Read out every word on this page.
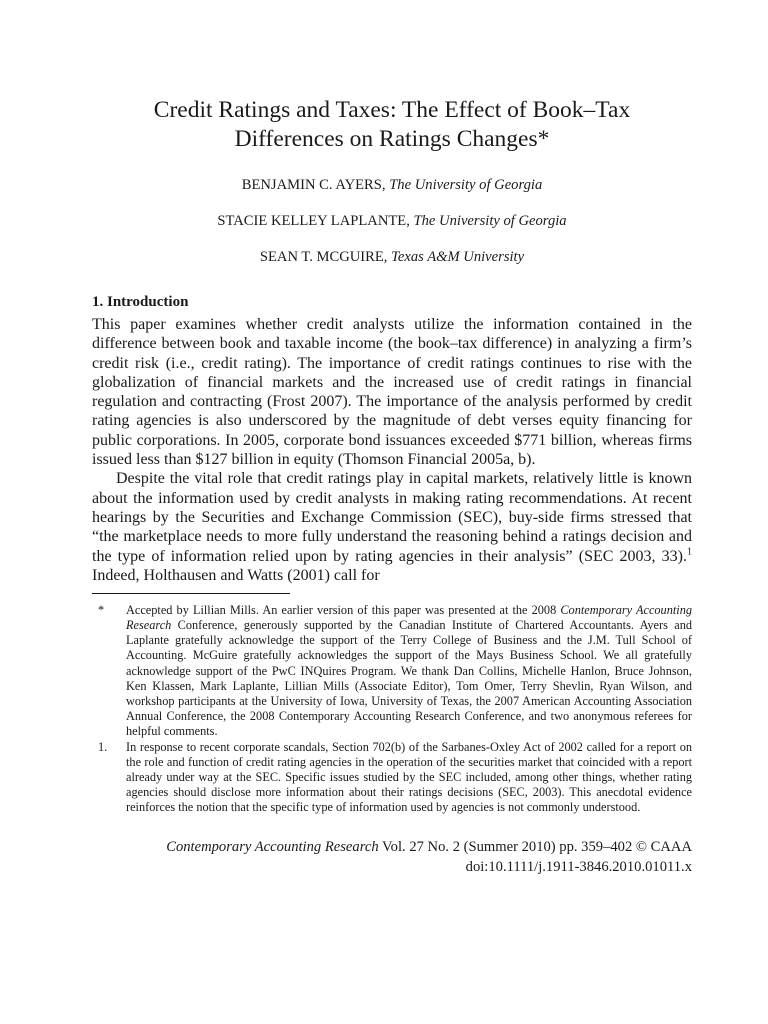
Credit Ratings and Taxes: The Effect of Book–Tax
Differences on Ratings Changes*
BENJAMIN C. AYERS, The University of Georgia
STACIE KELLEY LAPLANTE, The University of Georgia
SEAN T. MCGUIRE, Texas A&M University
1. Introduction

This paper examines whether credit analysts utilize the information contained in the difference between book and taxable income (the book–tax difference) in analyzing a firm’s credit risk (i.e., credit rating). The importance of credit ratings continues to rise with the globalization of financial markets and the increased use of credit ratings in financial regulation and contracting (Frost 2007). The importance of the analysis performed by credit rating agencies is also underscored by the magnitude of debt verses equity financing for public corporations. In 2005, corporate bond issuances exceeded $771 billion, whereas firms issued less than $127 billion in equity (Thomson Financial 2005a, b).

Despite the vital role that credit ratings play in capital markets, relatively little is known about the information used by credit analysts in making rating recommendations. At recent hearings by the Securities and Exchange Commission (SEC), buy-side firms stressed that “the marketplace needs to more fully understand the reasoning behind a ratings decision and the type of information relied upon by rating agencies in their analysis” (SEC 2003, 33).$^1$ Indeed, Holthausen and Watts (2001) call for

*	Accepted by Lillian Mills. An earlier version of this paper was presented at the 2008 Contemporary Accounting Research Conference, generously supported by the Canadian Institute of Chartered Accountants. Ayers and Laplante gratefully acknowledge the support of the Terry College of Business and the J.M. Tull School of Accounting. McGuire gratefully acknowledges the support of the Mays Business School. We all gratefully acknowledge support of the PwC INQuires Program. We thank Dan Collins, Michelle Hanlon, Bruce Johnson, Ken Klassen, Mark Laplante, Lillian Mills (Associate Editor), Tom Omer, Terry Shevlin, Ryan Wilson, and workshop participants at the University of Iowa, University of Texas, the 2007 American Accounting Association Annual Conference, the 2008 Contemporary Accounting Research Conference, and two anonymous referees for helpful comments.
1.	In response to recent corporate scandals, Section 702(b) of the Sarbanes-Oxley Act of 2002 called for a report on the role and function of credit rating agencies in the operation of the securities market that coincided with a report already under way at the SEC. Specific issues studied by the SEC included, among other things, whether rating agencies should disclose more information about their ratings decisions (SEC, 2003). This anecdotal evidence reinforces the notion that the specific type of information used by agencies is not commonly understood.
Contemporary Accounting Research Vol. 27 No. 2 (Summer 2010) pp. 359–402 © CAAA
doi:10.1111/j.1911-3846.2010.01011.x
